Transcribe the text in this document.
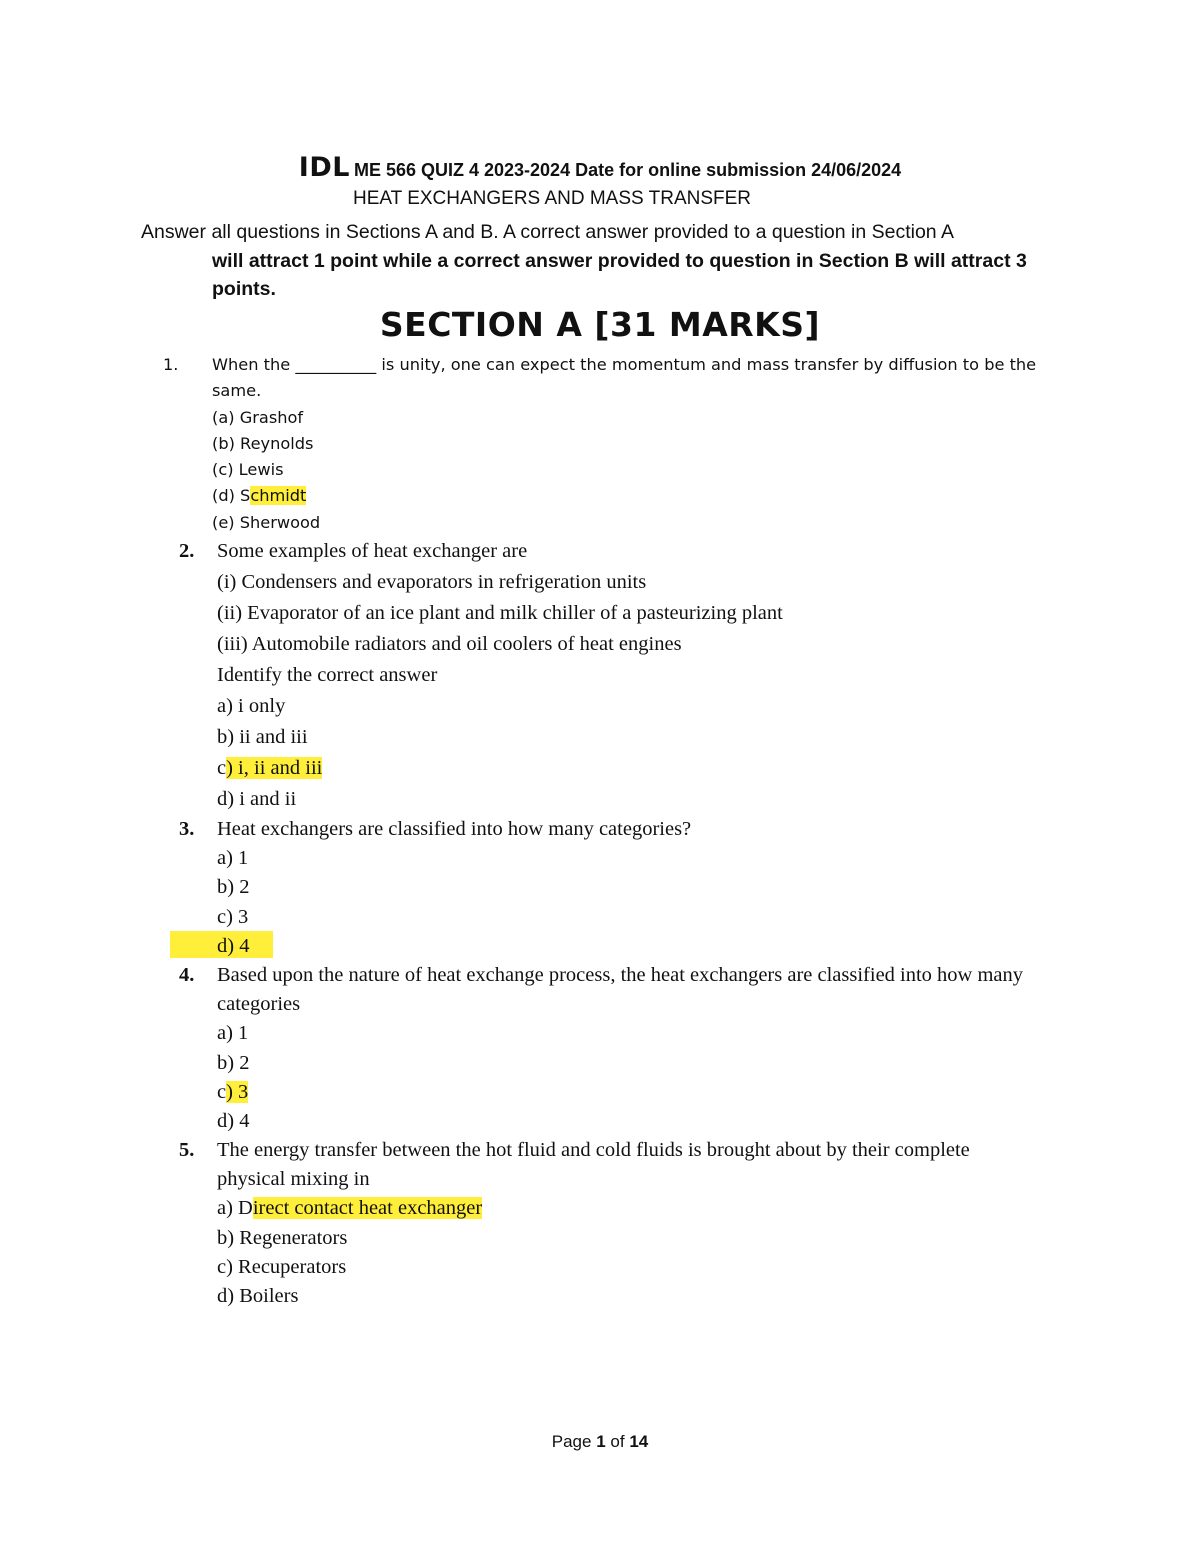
IDL ME 566 QUIZ 4 2023-2024 Date for online submission 24/06/2024
HEAT EXCHANGERS AND MASS TRANSFER
Answer all questions in Sections A and B. A correct answer provided to a question in Section A
will attract 1 point while a correct answer provided to question in Section B will attract 3 points.
SECTION A [31 MARKS]
1. When the __________ is unity, one can expect the momentum and mass transfer by diffusion to be the same.
(a) Grashof
(b) Reynolds
(c) Lewis
(d) Schmidt
(e) Sherwood
2. Some examples of heat exchanger are
(i) Condensers and evaporators in refrigeration units
(ii) Evaporator of an ice plant and milk chiller of a pasteurizing plant
(iii) Automobile radiators and oil coolers of heat engines
Identify the correct answer
a) i only
b) ii and iii
c) i, ii and iii
d) i and ii
3. Heat exchangers are classified into how many categories?
a) 1
b) 2
c) 3
d) 4
4. Based upon the nature of heat exchange process, the heat exchangers are classified into how many categories
a) 1
b) 2
c) 3
d) 4
5. The energy transfer between the hot fluid and cold fluids is brought about by their complete physical mixing in
a) Direct contact heat exchanger
b) Regenerators
c) Recuperators
d) Boilers
Page 1 of 14
